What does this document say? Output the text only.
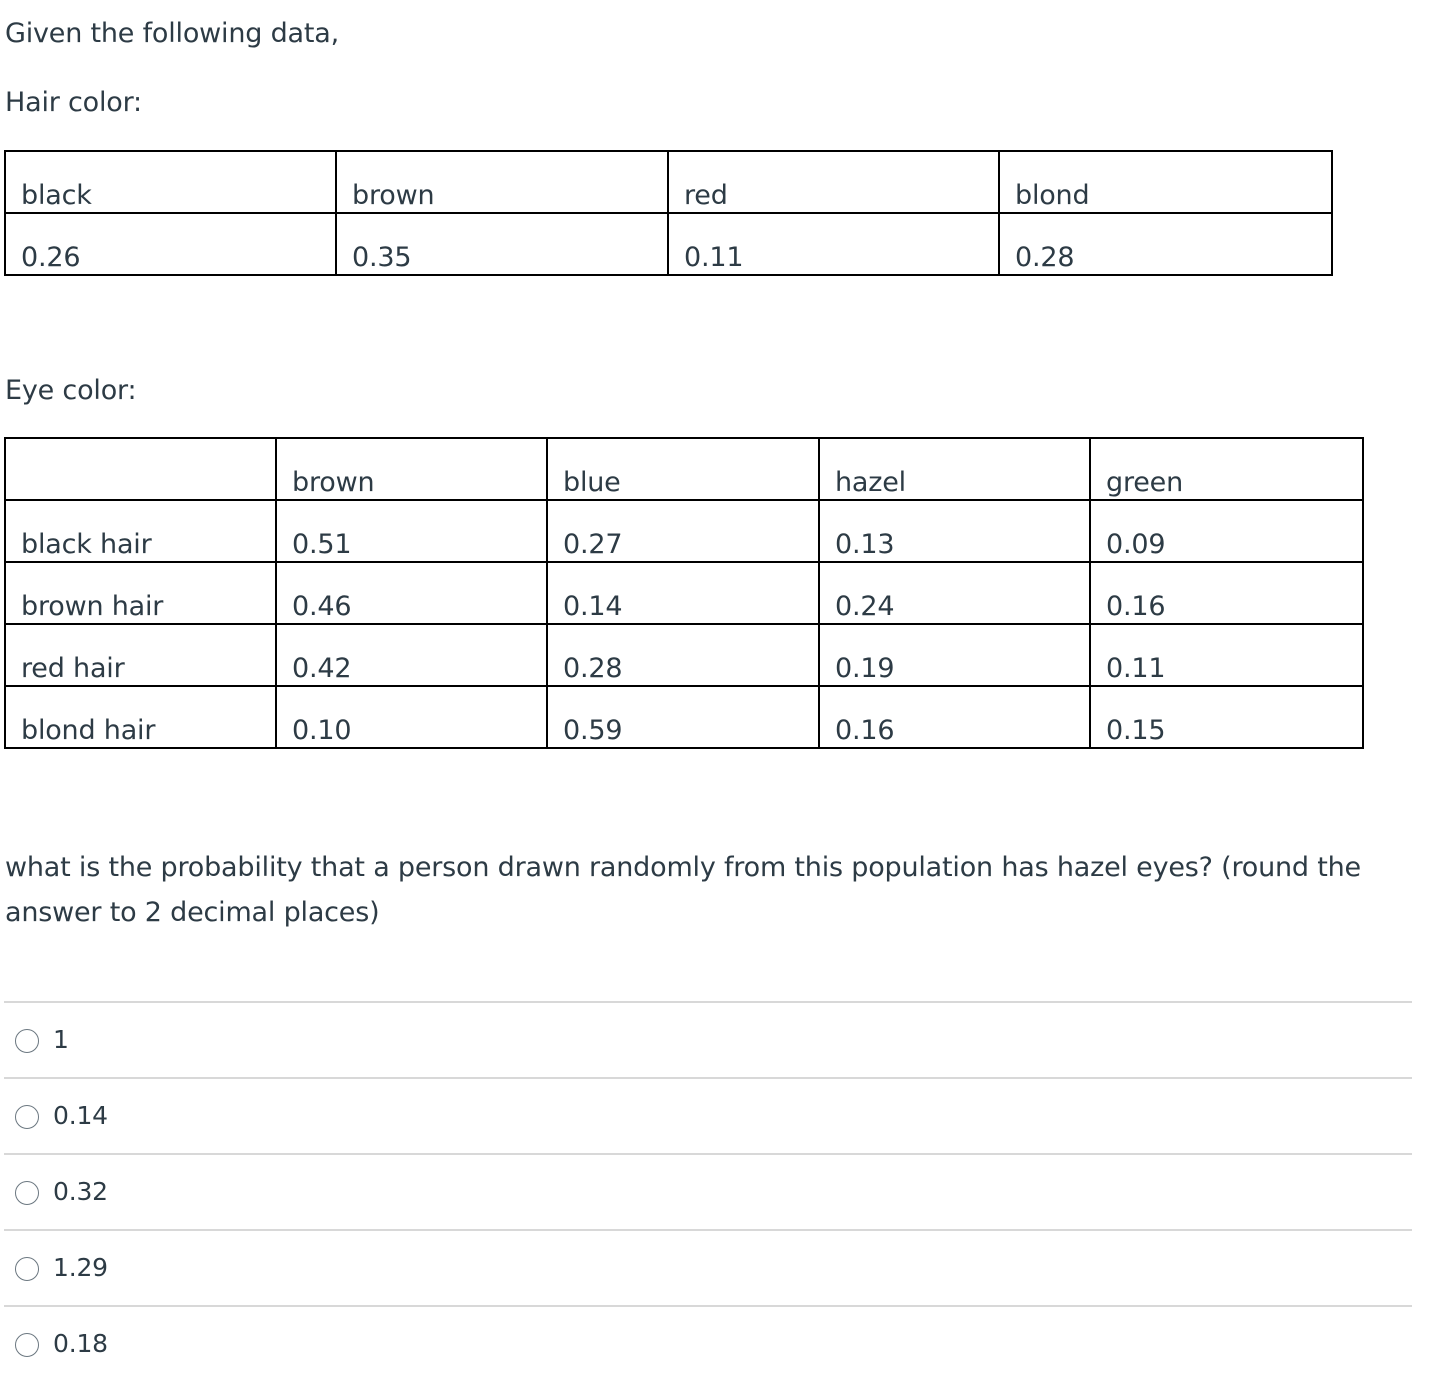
Given the following data,
Hair color:
black	brown	red	blond
0.26	0.35	0.11	0.28
Eye color:
	brown	blue	hazel	green
black hair	0.51	0.27	0.13	0.09
brown hair	0.46	0.14	0.24	0.16
red hair	0.42	0.28	0.19	0.11
blond hair	0.10	0.59	0.16	0.15
what is the probability that a person drawn randomly from this population has hazel eyes? (round the answer to 2 decimal places)
1
0.14
0.32
1.29
0.18
